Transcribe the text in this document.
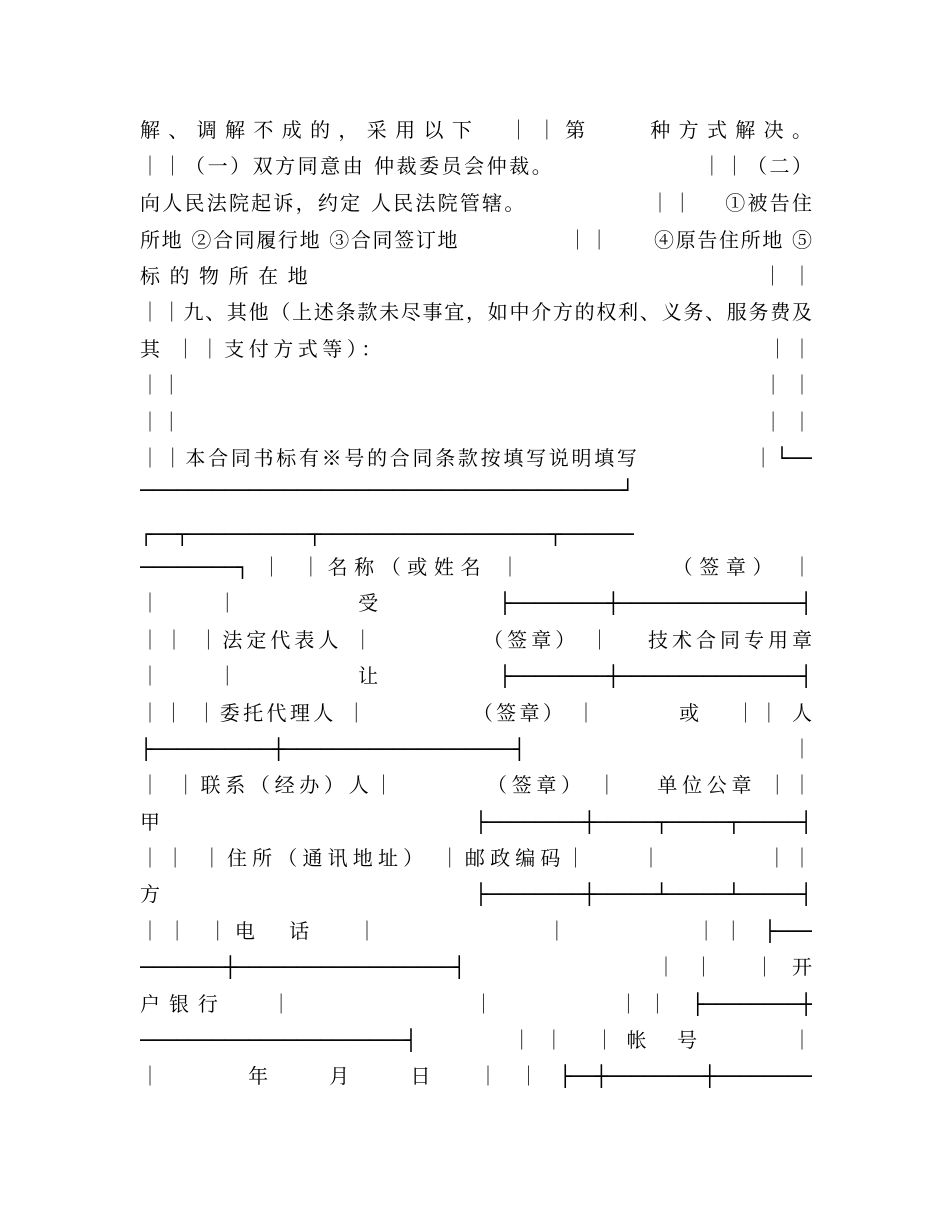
解、调解不成的，采用以下　｜｜第　　种方式解决。
｜｜（一）双方同意由 仲裁委员会仲裁。　　　　　　　｜｜（二）
向人民法院起诉，约定 人民法院管辖。　　　　　　｜｜　 ①被告住
所地 ②合同履行地 ③合同签订地　　　　　｜｜　　④原告住所地 ⑤
标 的 物 所 在 地　　　　　　　　　　　　　　　　　　　　　｜ ｜
｜｜九、其他（上述条款未尽事宜，如中介方的权利、义务、服务费及
其 ｜｜支付方式等）：　　　　　　　　　　　　　　　　｜｜
｜｜　　　　　　　　　　　　　　　　　　　　　　　　　　　 ｜ ｜
｜｜　　　　　　　　　　　　　　　　　　　　　　　　　　　 ｜ ｜
｜｜本合同书标有※号的合同条款按填写说明填写　　　　　｜└──
────────────────────────────────────────┘
┌──┬──────────┬───────────────────┬──────
────────┐ ｜ ｜名称（或姓名 ｜　　　　　 （签章） ｜
｜｜ 受 ├────────┼───────────────┤
｜｜ ｜法定代表人 ｜　　　　 （签章） ｜　 技术合同专用章
｜｜ 让 ├────────┼───────────────┤
｜｜ ｜委托代理人 ｜　　　　 （签章） ｜　　　 或　 ｜｜ 人
├──────────┼───────────────────┤　　　　　　 ｜
｜ ｜联系（经办）人｜　　　　（签章） ｜　 单位公章 ｜｜
甲 ├────────┼─────┬─────┬─────┤
｜｜ ｜住所（通讯地址） ｜邮政编码｜　　｜　　　　｜｜
方 ├────────┼─────┴─────┴─────┤
｜｜ ｜电　话　 ｜　　　　　　｜　　　　 ｜｜ ├───
───────┼──────────────────┤　　　　 ｜｜ ｜开
户银行　 ｜　　　　　　｜　　　　｜｜ ├────────┼
──────────────────────┤　　 ｜｜ ｜帐 号　　 ｜
｜　 年　月　日 ｜｜├──┼────────┼────────
